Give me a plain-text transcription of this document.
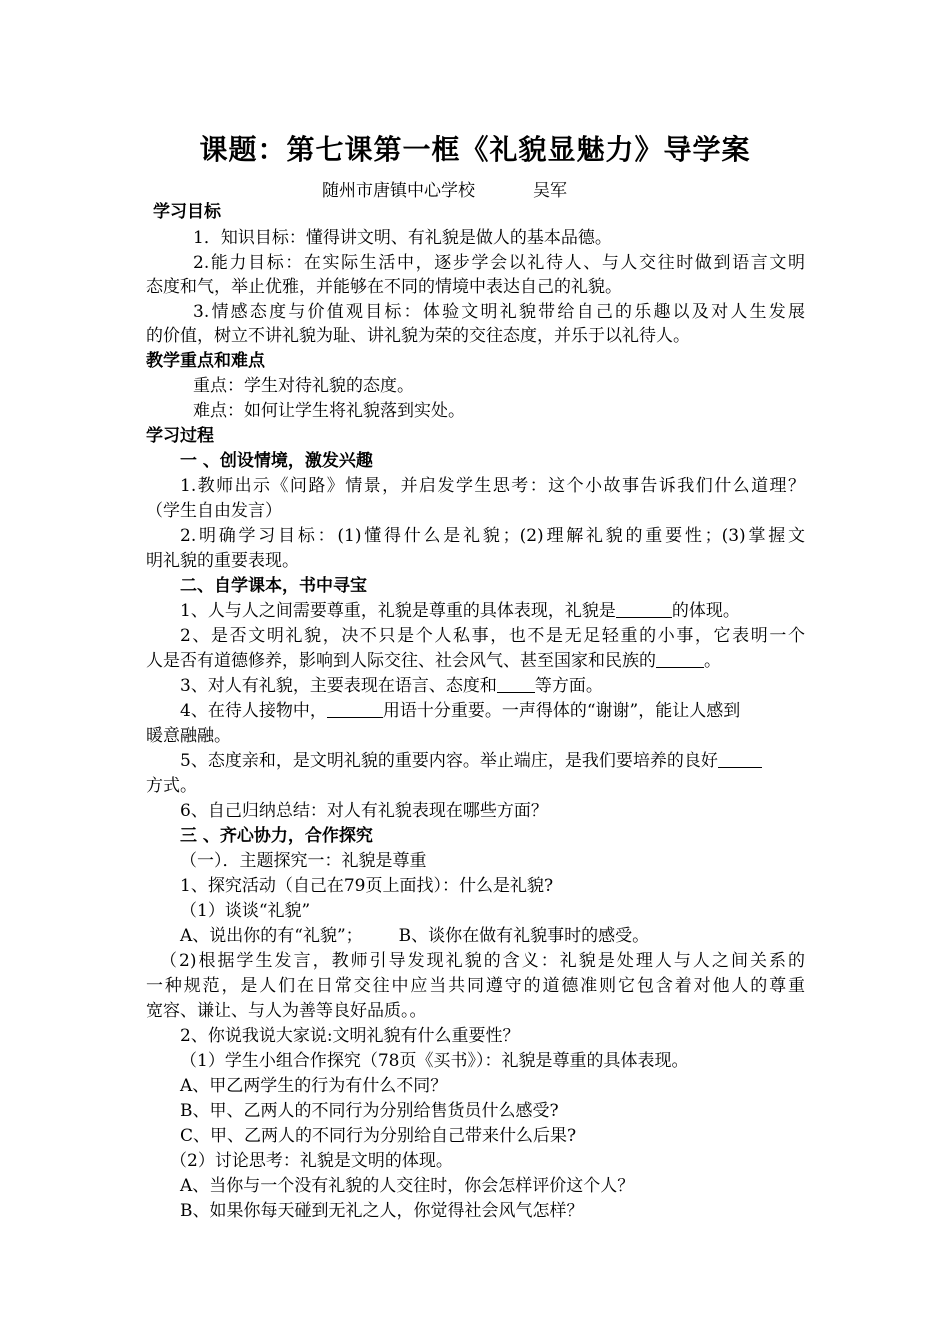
课题：第七课第一框《礼貌显魅力》导学案
随州市唐镇中心学校	吴军
学习目标
1．知识目标：懂得讲文明、有礼貌是做人的基本品德。
2.能力目标：在实际生活中，逐步学会以礼待人、与人交往时做到语言文明
态度和气，举止优雅，并能够在不同的情境中表达自己的礼貌。
3.情感态度与价值观目标：体验文明礼貌带给自己的乐趣以及对人生发展
的价值，树立不讲礼貌为耻、讲礼貌为荣的交往态度，并乐于以礼待人。
教学重点和难点
重点：学生对待礼貌的态度。
难点：如何让学生将礼貌落到实处。
学习过程
一 、创设情境，激发兴趣
1.教师出示《问路》情景，并启发学生思考：这个小故事告诉我们什么道理？
（学生自由发言）
2.明确学习目标：(1)懂得什么是礼貌；(2)理解礼貌的重要性；(3)掌握文
明礼貌的重要表现。
二、自学课本，书中寻宝
1、人与人之间需要尊重，礼貌是尊重的具体表现，礼貌是	的体现。
2、是否文明礼貌，决不只是个人私事，也不是无足轻重的小事，它表明一个
人是否有道德修养，影响到人际交往、社会风气、甚至国家和民族的	。
3、对人有礼貌，主要表现在语言、态度和 等方面。
4、在待人接物中，	用语十分重要。一声得体的“谢谢”，能让人感到
暖意融融。
5、态度亲和，是文明礼貌的重要内容。举止端庄，是我们要培养的良好
方式。
6、自己归纳总结：对人有礼貌表现在哪些方面？
三 、齐心协力，合作探究
（一）．主题探究一：礼貌是尊重
1、探究活动（自己在79页上面找）：什么是礼貌?
（1）谈谈“礼貌”
A、说出你的有“礼貌”； B、谈你在做有礼貌事时的感受。
（2)根据学生发言，教师引导发现礼貌的含义：礼貌是处理人与人之间关系的
一种规范，是人们在日常交往中应当共同遵守的道德准则它包含着对他人的尊重
宽容、谦让、与人为善等良好品质。。
2、你说我说大家说:文明礼貌有什么重要性？
（1）学生小组合作探究（78页《买书》）：礼貌是尊重的具体表现。
A、甲乙两学生的行为有什么不同？
B、甲、乙两人的不同行为分别给售货员什么感受?
C、甲、乙两人的不同行为分别给自己带来什么后果?
（2）讨论思考：礼貌是文明的体现。
A、当你与一个没有礼貌的人交往时，你会怎样评价这个人？
B、如果你每天碰到无礼之人，你觉得社会风气怎样？
